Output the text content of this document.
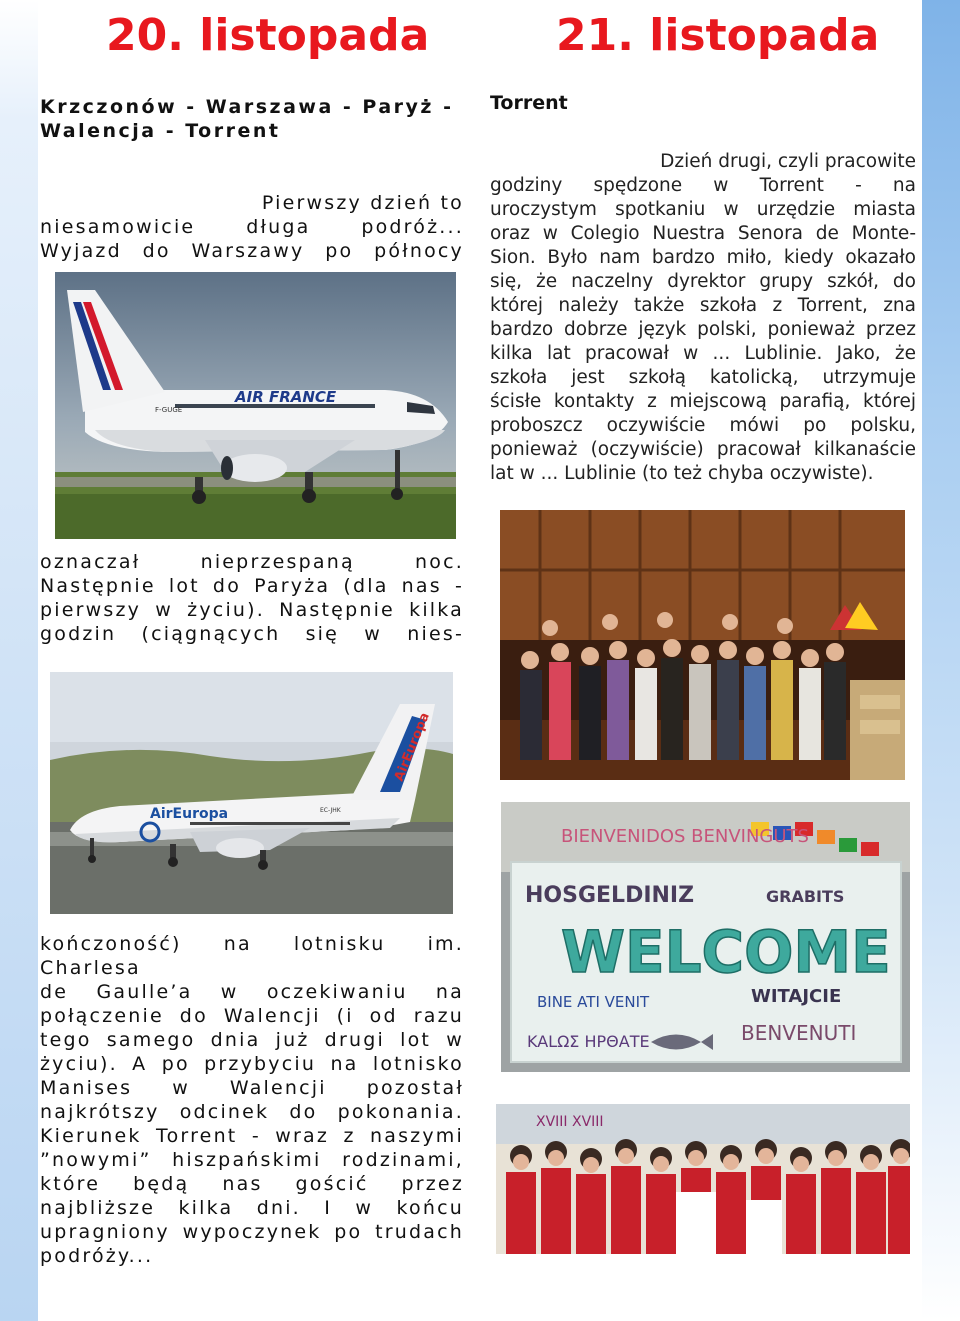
20. listopada	21. listopada
Krzczonów - Warszawa - Paryż - Walencja - Torrent
Pierwszy dzień to
niesamowicie długa podróż...
Wyjazd do Warszawy po północy
oznaczał nieprzespaną noc.
Następnie lot do Paryża (dla nas -
pierwszy w życiu). Następnie kilka
godzin (ciągnących się w nies-
kończoność) na lotnisku im. Charlesa
de Gaulle’a w oczekiwaniu na
połączenie do Walencji (i od razu
tego samego dnia już drugi lot w
życiu). A po przybyciu na lotnisko
Manises w Walencji pozostał
najkrótszy odcinek do pokonania.
Kierunek Torrent - wraz z naszymi
”nowymi” hiszpańskimi rodzinami,
które będą nas gościć przez
najbliższe kilka dni. I w końcu
upragniony wypoczynek po trudach
podróży...
Torrent
Dzień drugi, czyli pracowite
godziny spędzone w Torrent - na
uroczystym spotkaniu w urzędzie miasta
oraz w Colegio Nuestra Senora de Monte-
Sion. Było nam bardzo miło, kiedy okazało
się, że naczelny dyrektor grupy szkół, do
której należy także szkoła z Torrent, zna
bardzo dobrze język polski, ponieważ przez
kilka lat pracował w ... Lublinie. Jako, że
szkoła jest szkołą katolicką, utrzymuje
ścisłe kontakty z miejscową parafią, której
proboszcz oczywiście mówi po polsku,
ponieważ (oczywiście) pracował kilkanaście
lat w ... Lublinie (to też chyba oczywiste).
AIR FRANCE
F-GUGE
AirEuropa
AirEuropa	EC-JHK
BIENVENIDOS BENVINGUTS
HOSGELDINIZ	GRABITS
WELCOME
BINE ATI VENIT	WITAJCIE
KALΩΣ ΗΡΘΑΤΕ	BENVENUTI
XVIII XVIII
